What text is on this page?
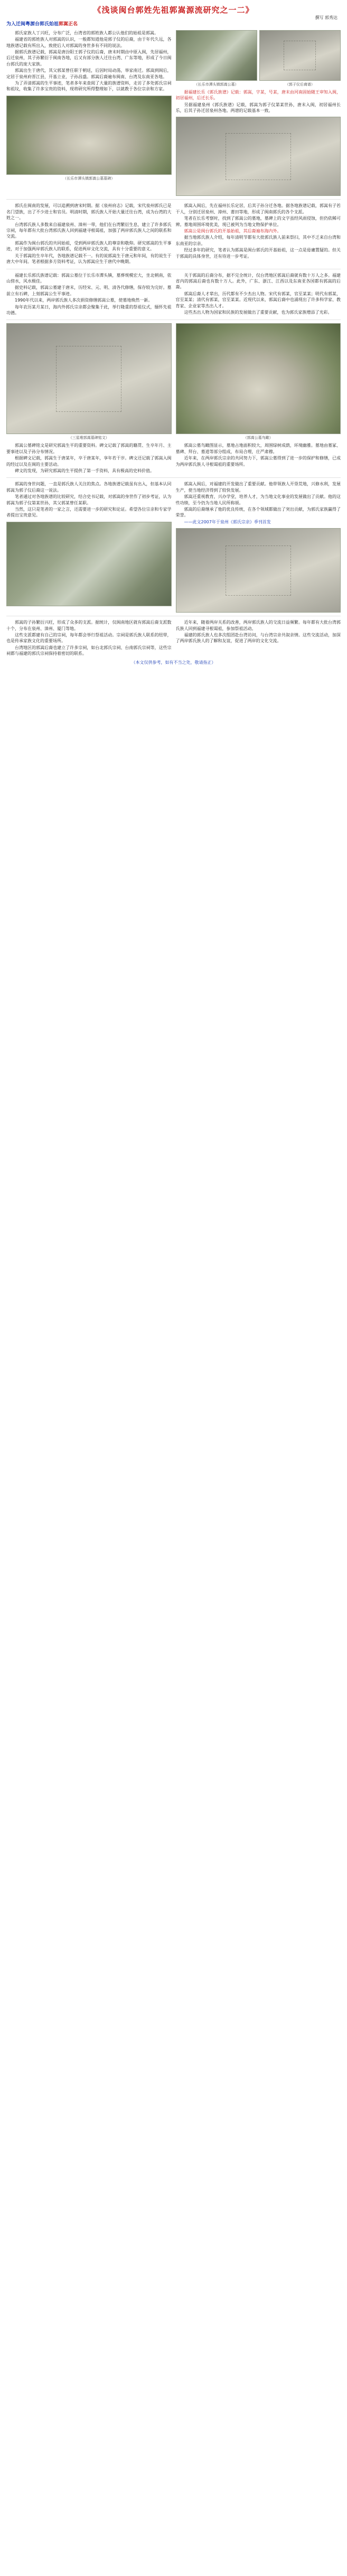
《浅谈闽台郭姓先祖郭嵩源流研究之一二》
撰写 郭秀达
为入迁闽粤源台郭氏始祖郭嵩正名

郭氏家族人丁兴旺，分布广泛，台湾省的郭姓族人都公认他们的始祖是郭嵩。

福建省的郭姓族人对郭嵩的认识，一般都知道他是郭子仪的后裔，由于年代久远，各地族谱记载有所出入，致使后人对郭嵩的身世多有不同的说法。

据郭氏族谱记载，郭嵩是唐汾阳王郭子仪的后裔，唐末时期由中原入闽，先居福州，后迁泉州，其子孙繁衍于闽南各地，后又有部分族人迁往台湾、广东等地，形成了今日闽台郭氏的庞大家族。

郭嵩出生于唐代，其父郭某曾任职于朝廷，后因时局动荡，举家南迁。郭嵩到闽后，定居于泉州府晋江县，开基立业，子孙昌盛。郭嵩后裔遍布闽南、台湾及东南亚各地。

为了弄清郭嵩的生平事迹，笔者多年来查阅了大量的族谱资料，走访了多处郭氏宗祠和祖坟，收集了许多宝贵的资料，现将研究所得整理如下，以就教于各位宗亲和方家。

（长乐市潭头镇郭嵩公墓墓碑）
（长乐市潭头镇郭嵩公墓）	（郭子仪后裔谱）

据福建长乐《郭氏族谱》记载：郭嵩，字某，号某，唐末由河南固始随王审知入闽，初居福州，后迁长乐。

另据福建泉州《郭氏族谱》记载，郭嵩为郭子仪第某世孙，唐末入闽，初居福州长乐，后其子孙迁居泉州各地。两谱的记载基本一致。

郭氏在闽南的发展，可以追溯到唐宋时期。据《泉州府志》记载，宋代泉州郭氏已是名门望族，出了不少进士和官员。明清时期，郭氏族人开始大量迁往台湾，成为台湾的大姓之一。

台湾郭氏族人多数来自福建泉州、漳州一带，他们在台湾繁衍生息，建立了许多郭氏宗祠，每年都有大批台湾郭氏族人回到福建寻根谒祖，加强了两岸郭氏族人之间的联系和交流。

郭嵩作为闽台郭氏的共同始祖，受到两岸郭氏族人的尊崇和敬仰。研究郭嵩的生平事迹，对于加强两岸郭氏族人的联系，促进两岸文化交流，具有十分重要的意义。

关于郭嵩的生卒年代，各地族谱记载不一。有的说郭嵩生于唐元和年间，有的说生于唐大中年间。笔者根据多方资料考证，认为郭嵩应生于唐代中晚期。

郭嵩入闽后，先在福州长乐定居，后其子孙分迁各地。据各地族谱记载，郭嵩有子若干人，分别迁居泉州、漳州、莆田等地，形成了闽南郭氏的各个支派。

笔者在长乐考察时，找到了郭嵩公的墓地，墓碑上的文字虽经风雨侵蚀，但仍依稀可辨。墓地周围环境优美，现已被列为当地文物保护单位。

郭嵩公是闽台郭氏的开基始祖，其后裔遍布海内外。

据当地郭氏族人介绍，每年清明节都有大批郭氏族人前来祭扫，其中不乏来自台湾和东南亚的宗亲。

经过多年的研究，笔者认为郭嵩是闽台郭氏的开基始祖，这一点是毋庸置疑的。但关于郭嵩的具体身世，还有待进一步考证。

福建长乐郭氏族谱记载：郭嵩公墓位于长乐市潭头镇，墓葬规模宏大，坐北朝南，依山傍水，风水极佳。

据史料记载，郭嵩公墓建于唐末，历经宋、元、明、清各代修缮，保存较为完好。墓前立有石碑，上刻郭嵩公生平事迹。

1990年代以来，两岸郭氏族人多次捐资修缮郭嵩公墓，使墓地焕然一新。

每年农历某月某日，海内外郭氏宗亲都会聚集于此，举行隆重的祭祖仪式，缅怀先祖功德。

关于郭嵩的后裔分布，据不完全统计，仅台湾地区郭嵩后裔就有数十万人之多。福建省内的郭嵩后裔也有数十万人。此外，广东、浙江、江西以及东南亚各国都有郭嵩的后裔。

郭嵩后裔人才辈出，历代都有不少杰出人物。宋代有郭某，官至某某；明代有郭某，官至某某；清代有郭某，官至某某。近现代以来，郭嵩后裔中也涌现出了许多科学家、教育家、企业家等杰出人才。

这些杰出人物为国家和民族的发展做出了重要贡献，也为郭氏家族增添了光彩。

（三星堆郭嵩墓碑铭文）

郭嵩公墓碑铭文是研究郭嵩生平的重要资料。碑文记载了郭嵩的籍贯、生卒年月、主要事迹以及子孙分布情况。

根据碑文记载，郭嵩生于唐某年，卒于唐某年，享年若干岁。碑文还记载了郭嵩入闽的经过以及在闽的主要活动。

碑文的发现，为研究郭嵩的生平提供了第一手资料，具有极高的史料价值。

（郭嵩公墓鸟瞰）

郭嵩公墓鸟瞰图显示，墓地占地面积较大，周围绿树成荫，环境幽雅。墓地由墓冢、墓碑、拜台、墓道等部分组成，布局合理，庄严肃穆。

近年来，在两岸郭氏宗亲的共同努力下，郭嵩公墓得到了进一步的保护和修缮，已成为两岸郭氏族人寻根谒祖的重要场所。

郭嵩的身世问题，一直是郭氏族人关注的焦点。各地族谱记载虽有出入，但基本认同郭嵩为郭子仪后裔这一说法。

笔者通过对各地族谱的比较研究，结合史书记载，对郭嵩的身世作了初步考证，认为郭嵩为郭子仪第某世孙，其父郭某曾任某职。

当然，这只是笔者的一家之言，还需要进一步的研究和论证。希望各位宗亲和专家学者提出宝贵意见。

郭嵩入闽后，对福建的开发做出了重要贡献。他带领族人开垦荒地，兴修水利，发展生产，使当地经济得到了较快发展。

郭嵩还重视教育，兴办学堂，培养人才，为当地文化事业的发展做出了贡献。他的这些功绩，至今仍为当地人民所称颂。

郭嵩的后裔继承了他的优良传统，在各个领域都做出了突出贡献，为郭氏家族赢得了荣誉。

——此文2007年于泉州《郭氏宗亲》季刊首发

郭嵩的子孙繁衍兴旺，形成了众多的支派。据统计，仅闽南地区就有郭嵩后裔支派数十个，分布在泉州、漳州、厦门等地。

这些支派都建有自己的宗祠，每年都会举行祭祖活动。宗祠是郭氏族人联系的纽带，也是传承家族文化的重要场所。

台湾地区的郭嵩后裔也建立了许多宗祠，如台北郭氏宗祠、台南郭氏宗祠等，这些宗祠都与福建的郭氏宗祠保持着密切的联系。

近年来，随着两岸关系的改善，两岸郭氏族人的交流日益频繁。每年都有大批台湾郭氏族人回到福建寻根谒祖，参加祭祖活动。

福建的郭氏族人也多次组团赴台湾访问，与台湾宗亲共叙亲情。这些交流活动，加深了两岸郭氏族人的了解和友谊，促进了两岸的文化交流。

（本文仅供参考，如有不当之处，敬请指正）
